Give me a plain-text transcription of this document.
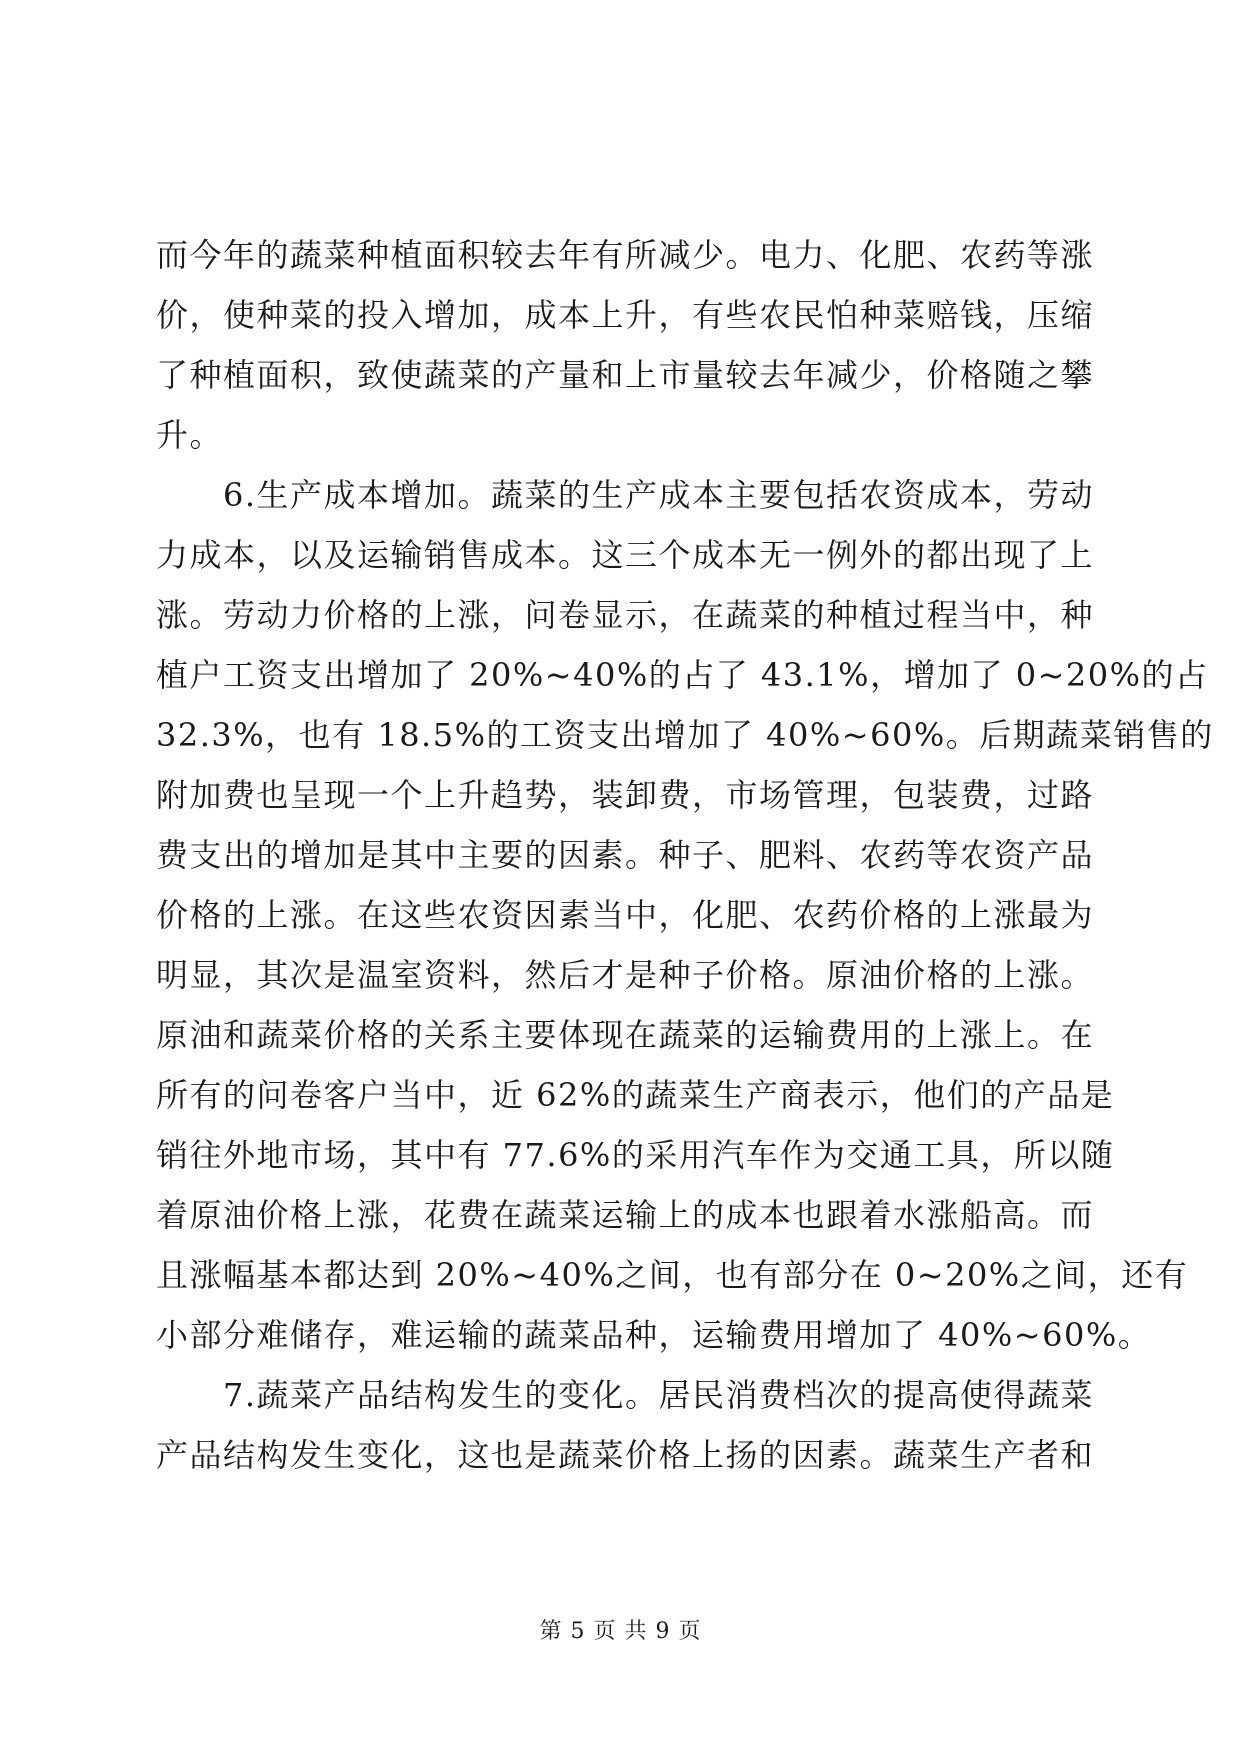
而今年的蔬菜种植面积较去年有所减少。电力、化肥、农药等涨
价，使种菜的投入增加，成本上升，有些农民怕种菜赔钱，压缩
了种植面积，致使蔬菜的产量和上市量较去年减少，价格随之攀
升。
　　6.生产成本增加。蔬菜的生产成本主要包括农资成本，劳动
力成本，以及运输销售成本。这三个成本无一例外的都出现了上
涨。劳动力价格的上涨，问卷显示，在蔬菜的种植过程当中，种
植户工资支出增加了 20%~40%的占了 43.1%，增加了 0~20%的占
32.3%，也有 18.5%的工资支出增加了 40%~60%。后期蔬菜销售的
附加费也呈现一个上升趋势，装卸费，市场管理，包装费，过路
费支出的增加是其中主要的因素。种子、肥料、农药等农资产品
价格的上涨。在这些农资因素当中，化肥、农药价格的上涨最为
明显，其次是温室资料，然后才是种子价格。原油价格的上涨。
原油和蔬菜价格的关系主要体现在蔬菜的运输费用的上涨上。在
所有的问卷客户当中，近 62%的蔬菜生产商表示，他们的产品是
销往外地市场，其中有 77.6%的采用汽车作为交通工具，所以随
着原油价格上涨，花费在蔬菜运输上的成本也跟着水涨船高。而
且涨幅基本都达到 20%~40%之间，也有部分在 0~20%之间，还有
小部分难储存，难运输的蔬菜品种，运输费用增加了 40%~60%。
　　7.蔬菜产品结构发生的变化。居民消费档次的提高使得蔬菜
产品结构发生变化，这也是蔬菜价格上扬的因素。蔬菜生产者和
第 5 页 共 9 页
